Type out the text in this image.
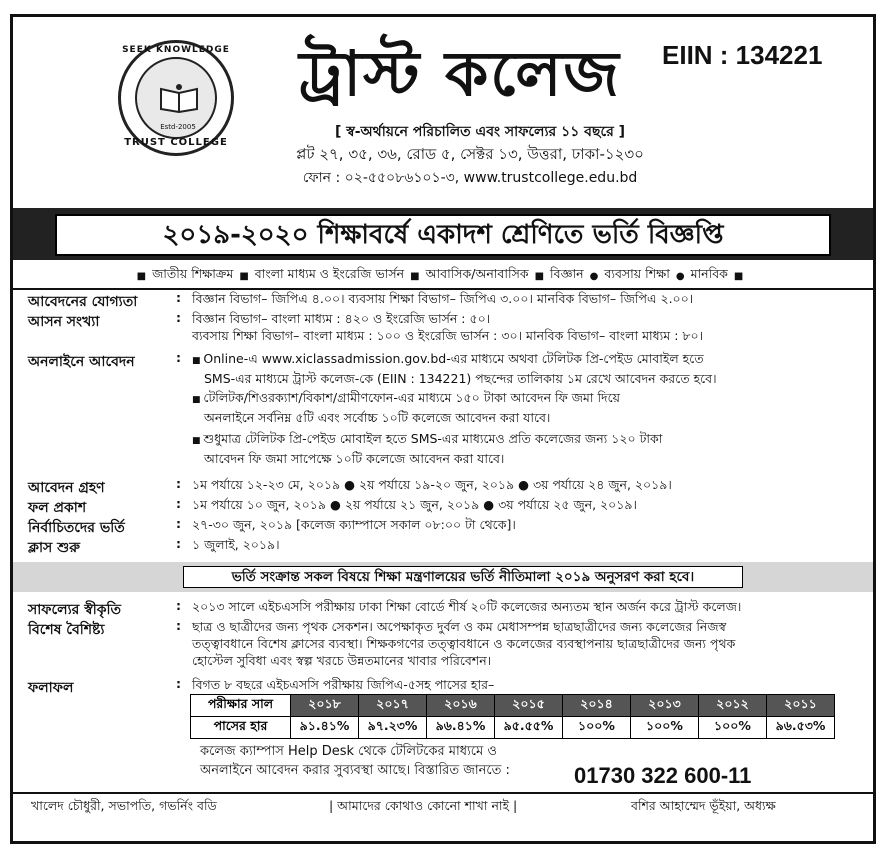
SEEK KNOWLEDGE
Estd-2005
TRUST COLLEGE
ট্রাস্ট কলেজ	EIIN : 134221
[ স্ব-অর্থায়নে পরিচালিত এবং সাফল্যের ১১ বছরে ]
প্লট ২৭, ৩৫, ৩৬, রোড ৫, সেক্টর ১৩, উত্তরা, ঢাকা-১২৩০
ফোন : ০২-৫৫০৮৬১০১-৩, www.trustcollege.edu.bd
২০১৯-২০২০ শিক্ষাবর্ষে একাদশ শ্রেণিতে ভর্তি বিজ্ঞপ্তি
■ জাতীয় শিক্ষাক্রম ■ বাংলা মাধ্যম ও ইংরেজি ভার্সন ■ আবাসিক/অনাবাসিক ■ বিজ্ঞান ● ব্যবসায় শিক্ষা ● মানবিক ■
আবেদনের যোগ্যতা	: বিজ্ঞান বিভাগ– জিপিএ ৪.০০। ব্যবসায় শিক্ষা বিভাগ– জিপিএ ৩.০০। মানবিক বিভাগ– জিপিএ ২.০০।

আসন সংখ্যা	: বিজ্ঞান বিভাগ– বাংলা মাধ্যম : ৪২০ ও ইংরেজি ভার্সন : ৫০।

ব্যবসায় শিক্ষা বিভাগ– বাংলা মাধ্যম : ১০০ ও ইংরেজি ভার্সন : ৩০। মানবিক বিভাগ– বাংলা মাধ্যম : ৮০।

অনলাইনে আবেদন	:	■ Online-এ www.xiclassadmission.gov.bd-এর মাধ্যমে অথবা টেলিটক প্রি-পেইড মোবাইল হতে

SMS-এর মাধ্যমে ট্রাস্ট কলেজ-কে (EIIN : 134221) পছন্দের তালিকায় ১ম রেখে আবেদন করতে হবে।

■ টেলিটক/শিওরক্যাশ/বিকাশ/গ্রামীণফোন-এর মাধ্যমে ১৫০ টাকা আবেদন ফি জমা দিয়ে

অনলাইনে সর্বনিম্ন ৫টি এবং সর্বোচ্চ ১০টি কলেজে আবেদন করা যাবে।

■ শুধুমাত্র টেলিটক প্রি-পেইড মোবাইল হতে SMS-এর মাধ্যমেও প্রতি কলেজের জন্য ১২০ টাকা

আবেদন ফি জমা সাপেক্ষে ১০টি কলেজে আবেদন করা যাবে।

আবেদন গ্রহণ	: ১ম পর্যায়ে ১২-২৩ মে, ২০১৯ ● ২য় পর্যায়ে ১৯-২০ জুন, ২০১৯ ● ৩য় পর্যায়ে ২৪ জুন, ২০১৯।

ফল প্রকাশ	: ১ম পর্যায়ে ১০ জুন, ২০১৯ ● ২য় পর্যায়ে ২১ জুন, ২০১৯ ● ৩য় পর্যায়ে ২৫ জুন, ২০১৯।

নির্বাচিতদের ভর্তি	: ২৭-৩০ জুন, ২০১৯ [কলেজ ক্যাম্পাসে সকাল ০৮:০০ টা থেকে]।

ক্লাস শুরু	: ১ জুলাই, ২০১৯।

ভর্তি সংক্রান্ত সকল বিষয়ে শিক্ষা মন্ত্রণালয়ের ভর্তি নীতিমালা ২০১৯ অনুসরণ করা হবে।
সাফল্যের স্বীকৃতি	: ২০১৩ সালে এইচএসসি পরীক্ষায় ঢাকা শিক্ষা বোর্ডে শীর্ষ ২০টি কলেজের অন্যতম স্থান অর্জন করে ট্রাস্ট কলেজ।

বিশেষ বৈশিষ্ট্য	: ছাত্র ও ছাত্রীদের জন্য পৃথক সেকশন। অপেক্ষাকৃত দুর্বল ও কম মেধাসম্পন্ন ছাত্রছাত্রীদের জন্য কলেজের নিজস্ব

তত্ত্বাবধানে বিশেষ ক্লাসের ব্যবস্থা। শিক্ষকগণের তত্ত্বাবধানে ও কলেজের ব্যবস্থাপনায় ছাত্রছাত্রীদের জন্য পৃথক

হোস্টেল সুবিধা এবং স্বল্প খরচে উন্নতমানের খাবার পরিবেশন।

ফলাফল	: বিগত ৮ বছরে এইচএসসি পরীক্ষায় জিপিএ-৫সহ পাসের হার–

পরীক্ষার সাল	২০১৮	২০১৭	২০১৬	২০১৫	২০১৪	২০১৩	২০১২	২০১১
পাসের হার	৯১.৪১%	৯৭.২৩%	৯৬.৪১%	৯৫.৫৫%	১০০%	১০০%	১০০%	৯৬.৫৩%

কলেজ ক্যাম্পাস Help Desk থেকে টেলিটকের মাধ্যমে ও

অনলাইনে আবেদন করার সুব্যবস্থা আছে। বিস্তারিত জানতে :	01730 322 600-11
খালেদ চৌধুরী, সভাপতি, গভর্নিং বডি	| আমাদের কোথাও কোনো শাখা নাই |	বশির আহাম্মেদ ভূঁইয়া, অধ্যক্ষ
